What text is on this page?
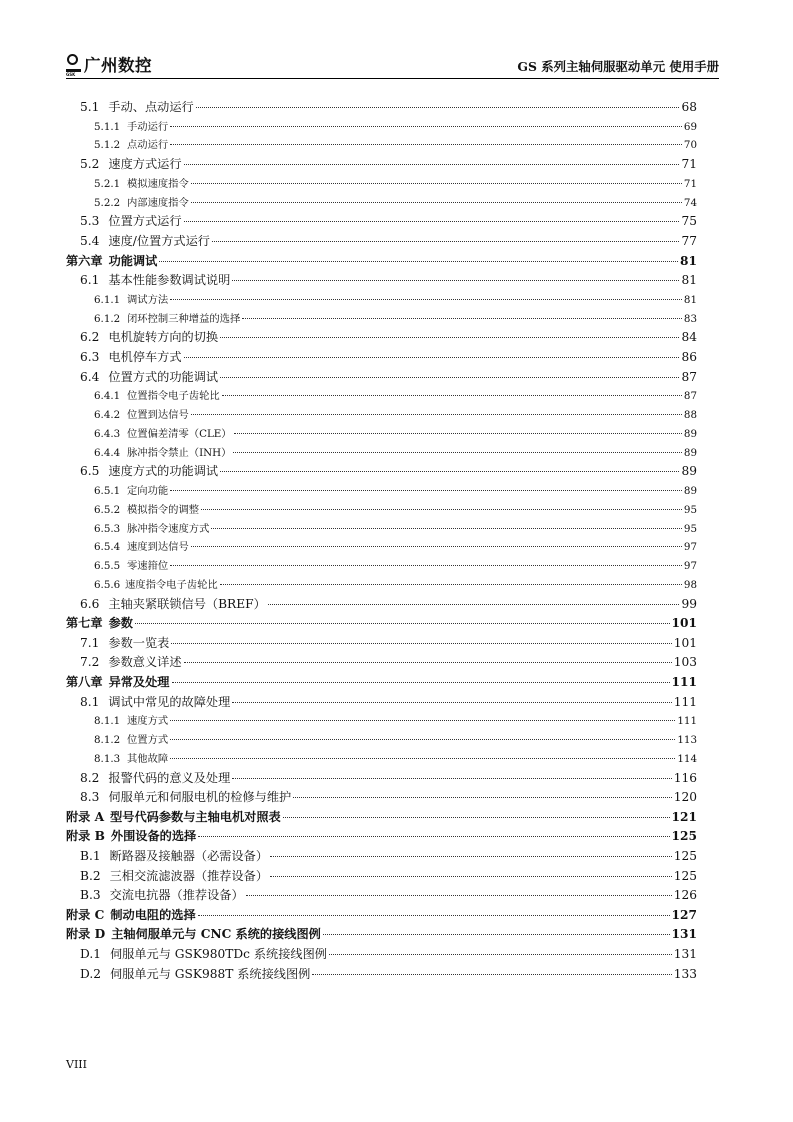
GSK 广州数控	GS 系列主轴伺服驱动单元 使用手册
5.1 手动、点动运行	68
5.1.1 手动运行	69
5.1.2 点动运行	70
5.2 速度方式运行	71
5.2.1 模拟速度指令	71
5.2.2 内部速度指令	74
5.3 位置方式运行	75
5.4 速度/位置方式运行	77
第六章 功能调试	81
6.1 基本性能参数调试说明	81
6.1.1 调试方法	81
6.1.2 闭环控制三种增益的选择	83
6.2 电机旋转方向的切换	84
6.3 电机停车方式	86
6.4 位置方式的功能调试	87
6.4.1 位置指令电子齿轮比	87
6.4.2 位置到达信号	88
6.4.3 位置偏差清零（CLE）	89
6.4.4 脉冲指令禁止（INH）	89
6.5 速度方式的功能调试	89
6.5.1 定向功能	89
6.5.2 模拟指令的调整	95
6.5.3 脉冲指令速度方式	95
6.5.4 速度到达信号	97
6.5.5 零速箝位	97
6.5.6 速度指令电子齿轮比	98
6.6 主轴夹紧联锁信号（BREF）	99
第七章 参数	101
7.1 参数一览表	101
7.2 参数意义详述	103
第八章 异常及处理	111
8.1 调试中常见的故障处理	111
8.1.1 速度方式	111
8.1.2 位置方式	113
8.1.3 其他故障	114
8.2 报警代码的意义及处理	116
8.3 伺服单元和伺服电机的检修与维护	120
附录 A 型号代码参数与主轴电机对照表	121
附录 B 外围设备的选择	125
B.1 断路器及接触器（必需设备）	125
B.2 三相交流滤波器（推荐设备）	125
B.3 交流电抗器（推荐设备）	126
附录 C 制动电阻的选择	127
附录 D 主轴伺服单元与 CNC 系统的接线图例	131
D.1 伺服单元与 GSK980TDc 系统接线图例	131
D.2 伺服单元与 GSK988T 系统接线图例	133
VIII
